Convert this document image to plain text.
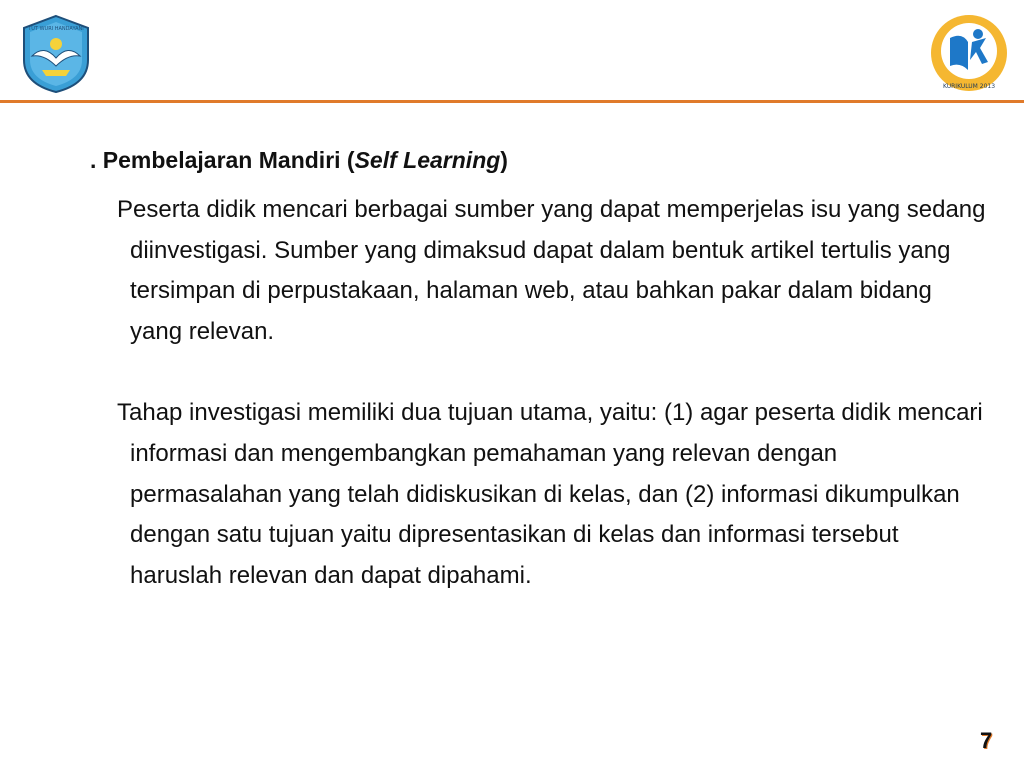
TUT WURI HANDAYANI
KURIKULUM 2013

. Pembelajaran Mandiri (Self Learning)

Peserta didik mencari berbagai sumber yang dapat memperjelas isu yang sedang diinvestigasi. Sumber yang dimaksud dapat dalam bentuk artikel tertulis yang tersimpan di perpustakaan, halaman web, atau bahkan pakar dalam bidang yang relevan.

Tahap investigasi memiliki dua tujuan utama, yaitu: (1) agar peserta didik mencari informasi dan mengembangkan pemahaman yang relevan dengan permasalahan yang telah didiskusikan di kelas, dan (2) informasi dikumpulkan dengan satu tujuan yaitu dipresentasikan di kelas dan informasi tersebut haruslah relevan dan dapat dipahami.

7
